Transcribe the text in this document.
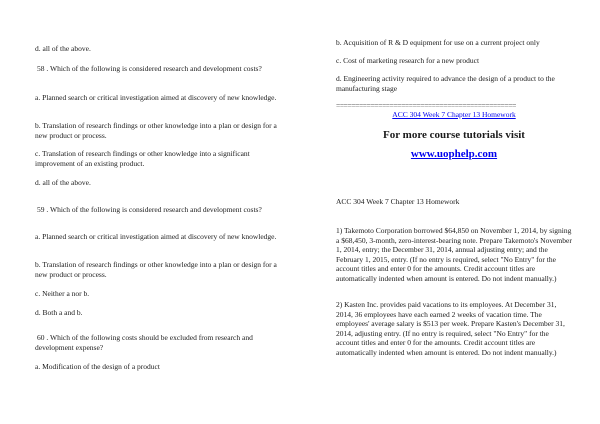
d. all of the above.

58 . Which of the following is considered research and development costs?

a. Planned search or critical investigation aimed at discovery of new knowledge.

b. Translation of research findings or other knowledge into a plan or design for a new product or process.

c. Translation of research findings or other knowledge into a significant improvement of an existing product.

d. all of the above.

59 . Which of the following is considered research and development costs?

a. Planned search or critical investigation aimed at discovery of new knowledge.

b. Translation of research findings or other knowledge into a plan or design for a new product or process.

c. Neither a nor b.

d. Both a and b.

60 . Which of the following costs should be excluded from research and development expense?

a. Modification of the design of a product

b. Acquisition of R & D equipment for use on a current project only

c. Cost of marketing research for a new product

d. Engineering activity required to advance the design of a product to the manufacturing stage

===============================================

ACC 304 Week 7 Chapter 13 Homework

For more course tutorials visit

www.uophelp.com

ACC 304 Week 7 Chapter 13 Homework

1) Takemoto Corporation borrowed $64,850 on November 1, 2014, by signing a $68,450, 3-month, zero-interest-bearing note. Prepare Takemoto's November 1, 2014, entry; the December 31, 2014, annual adjusting entry; and the February 1, 2015, entry. (If no entry is required, select "No Entry" for the account titles and enter 0 for the amounts. Credit account titles are automatically indented when amount is entered. Do not indent manually.)

2) Kasten Inc. provides paid vacations to its employees. At December 31, 2014, 36 employees have each earned 2 weeks of vacation time. The employees' average salary is $513 per week. Prepare Kasten's December 31, 2014, adjusting entry. (If no entry is required, select "No Entry" for the account titles and enter 0 for the amounts. Credit account titles are automatically indented when amount is entered. Do not indent manually.)
